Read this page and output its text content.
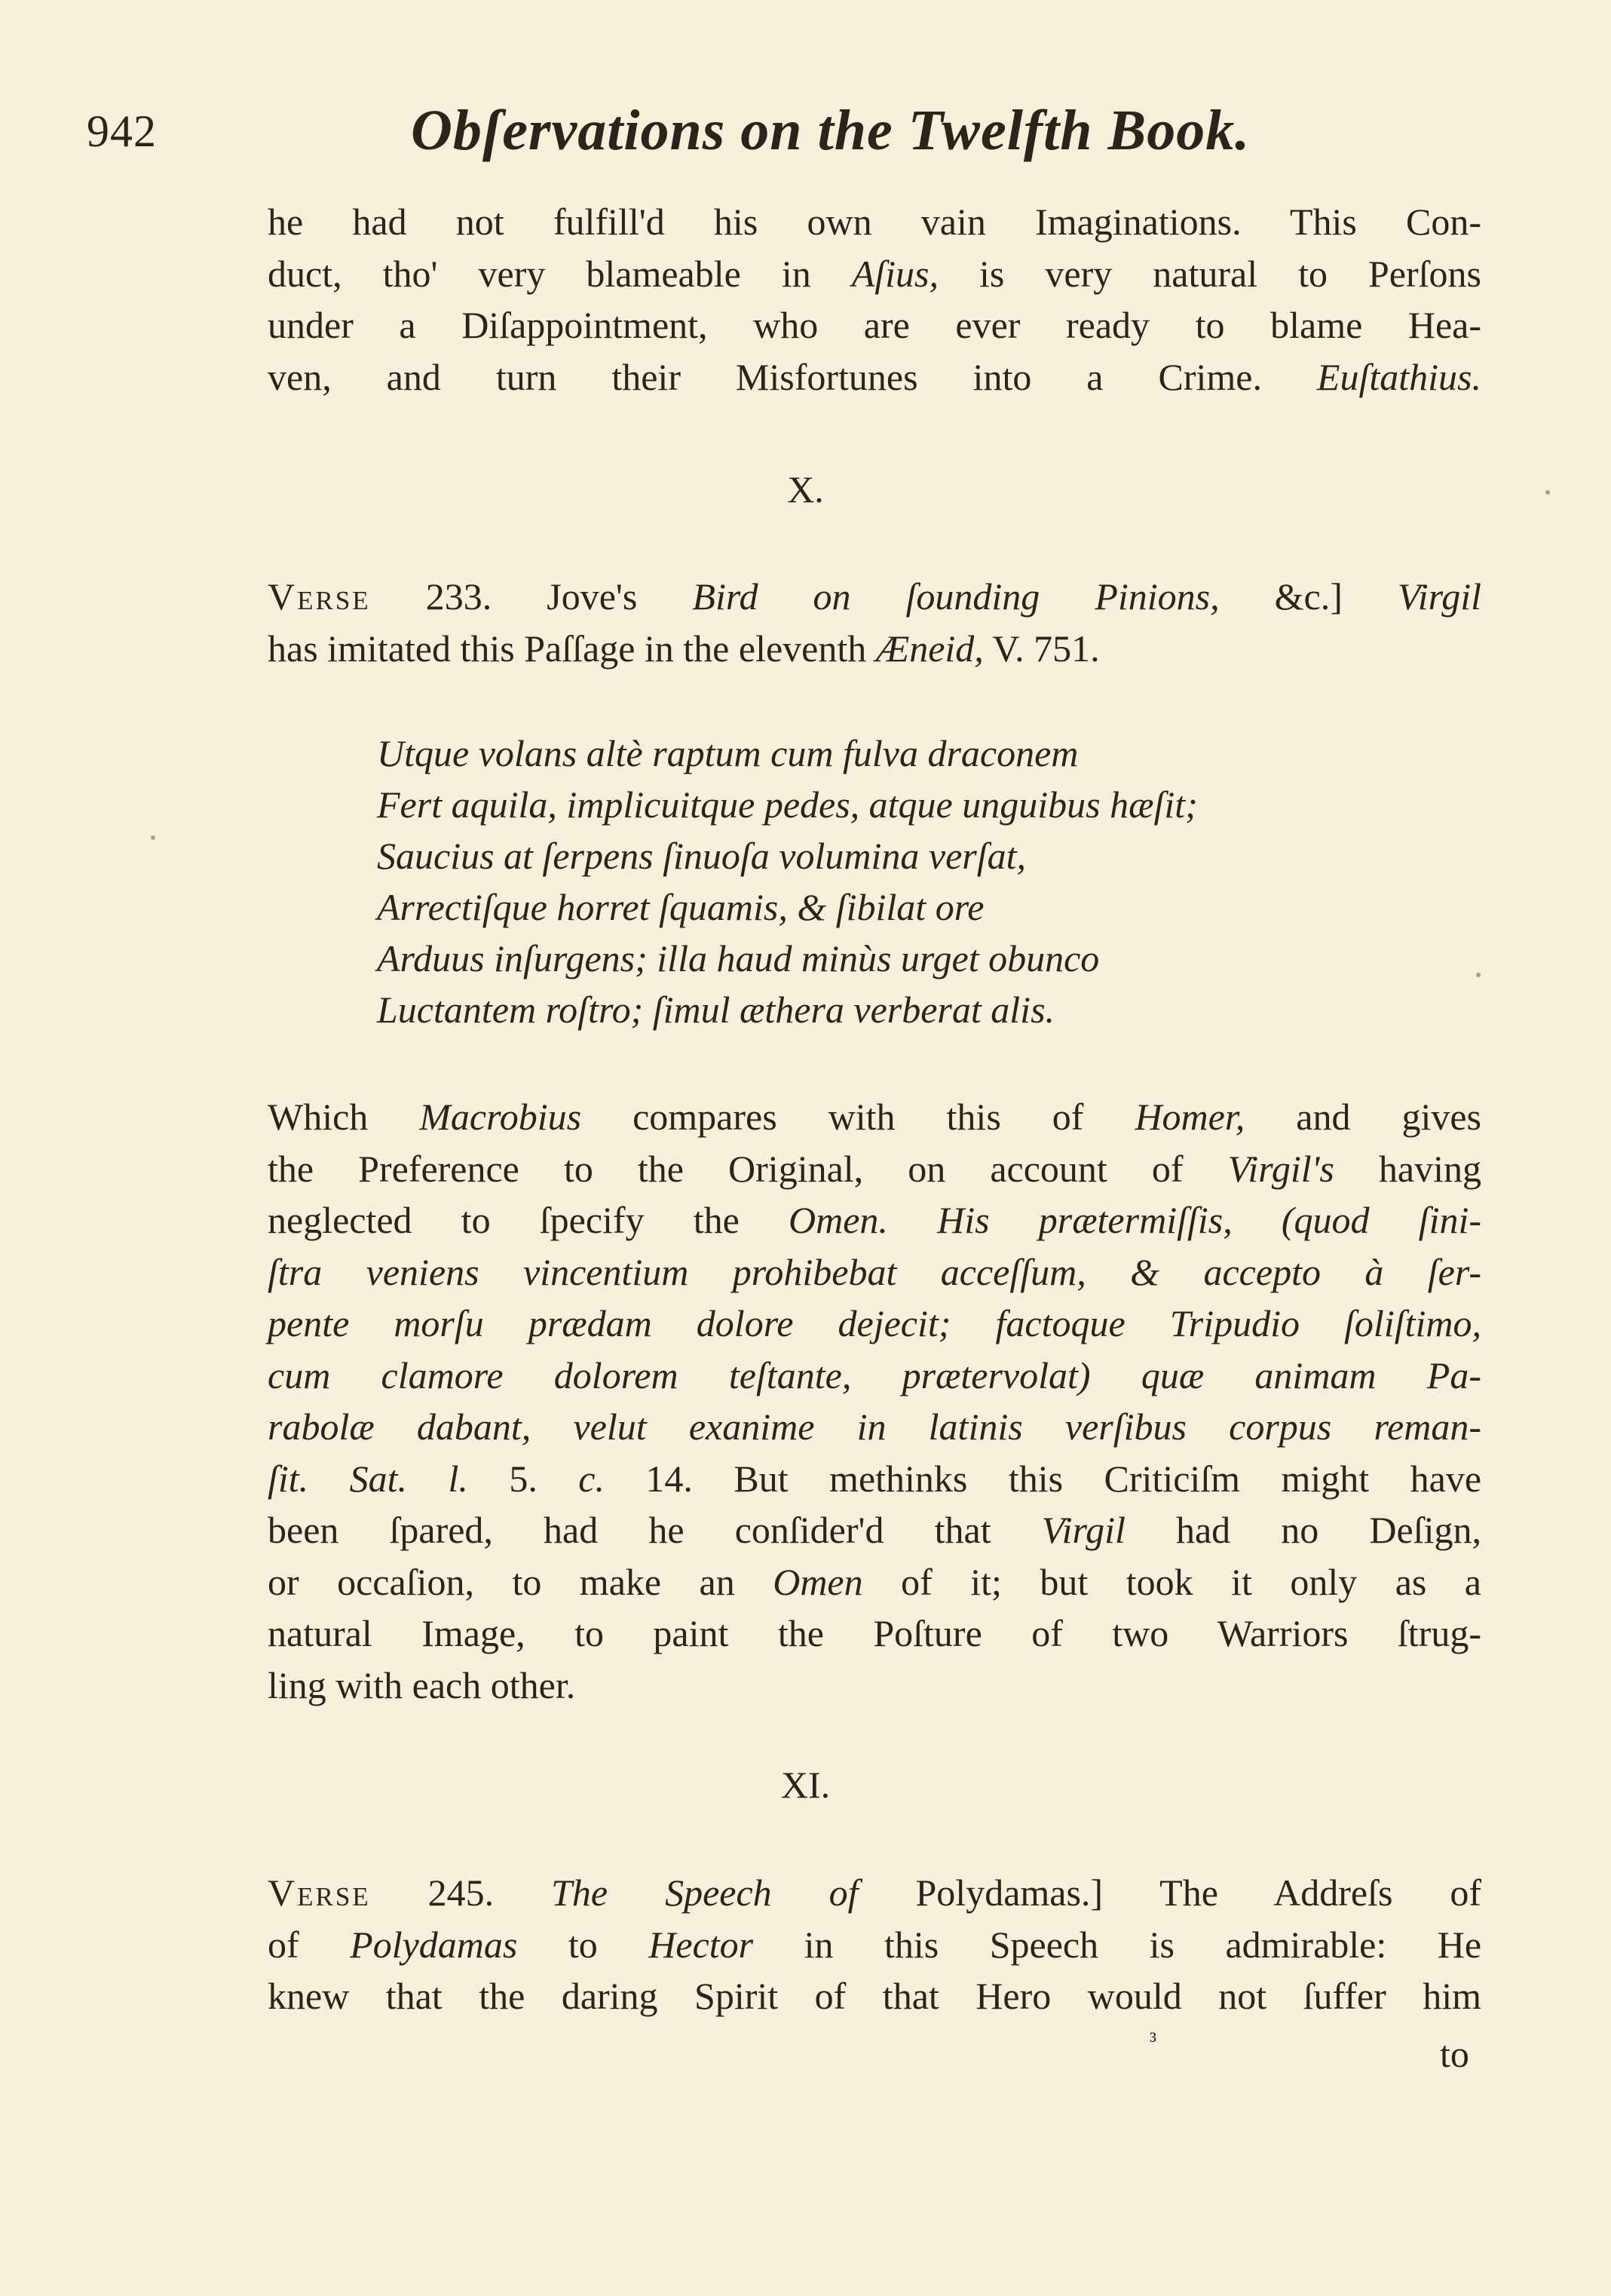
942	Obſervations on the Twelfth Book.
he had not fulfill'd his own vain Imaginations. This Con-
duct, tho' very blameable in Aſius, is very natural to Perſons
under a Diſappointment, who are ever ready to blame Hea-
ven, and turn their Misfortunes into a Crime. Euſtathius.
X.
Verse 233. Jove's Bird on ſounding Pinions, &c.] Virgil
has imitated this Paſſage in the eleventh Æneid, V. 751.
Utque volans altè raptum cum fulva draconem
Fert aquila, implicuitque pedes, atque unguibus hæſit;
Saucius at ſerpens ſinuoſa volumina verſat,
Arrectiſque horret ſquamis, & ſibilat ore
Arduus inſurgens; illa haud minùs urget obunco
Luctantem roſtro; ſimul æthera verberat alis.
Which Macrobius compares with this of Homer, and gives
the Preference to the Original, on account of Virgil's having
neglected to ſpecify the Omen. His prætermiſſis, (quod ſini-
ſtra veniens vincentium prohibebat acceſſum, & accepto à ſer-
pente morſu prædam dolore dejecit; factoque Tripudio ſoliſtimo,
cum clamore dolorem teſtante, prætervolat) quæ animam Pa-
rabolæ dabant, velut exanime in latinis verſibus corpus reman-
ſit. Sat. l. 5. c. 14. But methinks this Criticiſm might have
been ſpared, had he conſider'd that Virgil had no Deſign,
or occaſion, to make an Omen of it; but took it only as a
natural Image, to paint the Poſture of two Warriors ſtrug-
ling with each other.
XI.
Verse 245. The Speech of Polydamas.] The Addreſs of
of Polydamas to Hector in this Speech is admirable: He
knew that the daring Spirit of that Hero would not ſuffer him
³	to
